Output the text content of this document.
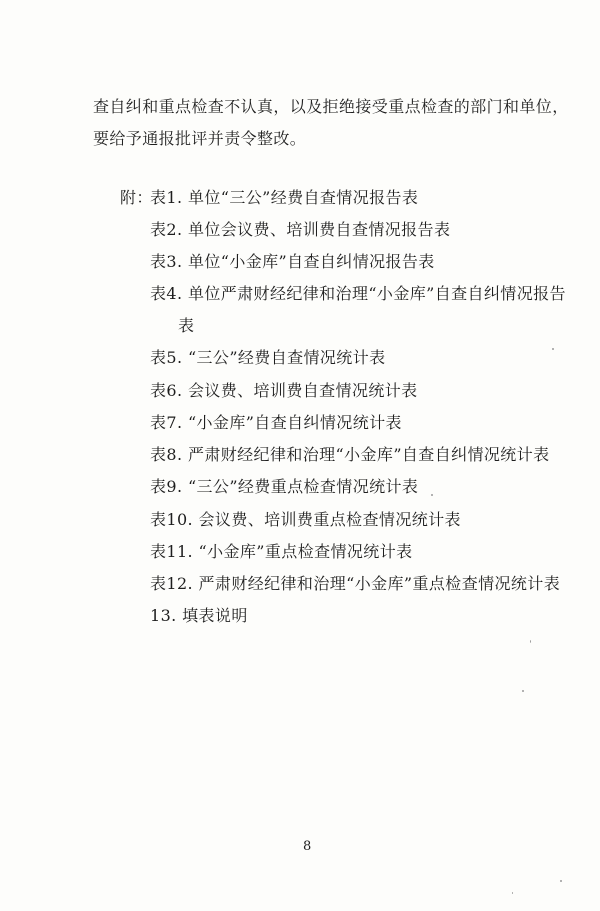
查自纠和重点检查不认真，以及拒绝接受重点检查的部门和单位，
要给予通报批评并责令整改。
附：
表1. 单位“三公”经费自查情况报告表
表2. 单位会议费、培训费自查情况报告表
表3. 单位“小金库”自查自纠情况报告表
表4. 单位严肃财经纪律和治理“小金库”自查自纠情况报告
表
表5. “三公”经费自查情况统计表
表6. 会议费、培训费自查情况统计表
表7. “小金库”自查自纠情况统计表
表8. 严肃财经纪律和治理“小金库”自查自纠情况统计表
表9. “三公”经费重点检查情况统计表
表10. 会议费、培训费重点检查情况统计表
表11. “小金库”重点检查情况统计表
表12. 严肃财经纪律和治理“小金库”重点检查情况统计表
13. 填表说明
8
